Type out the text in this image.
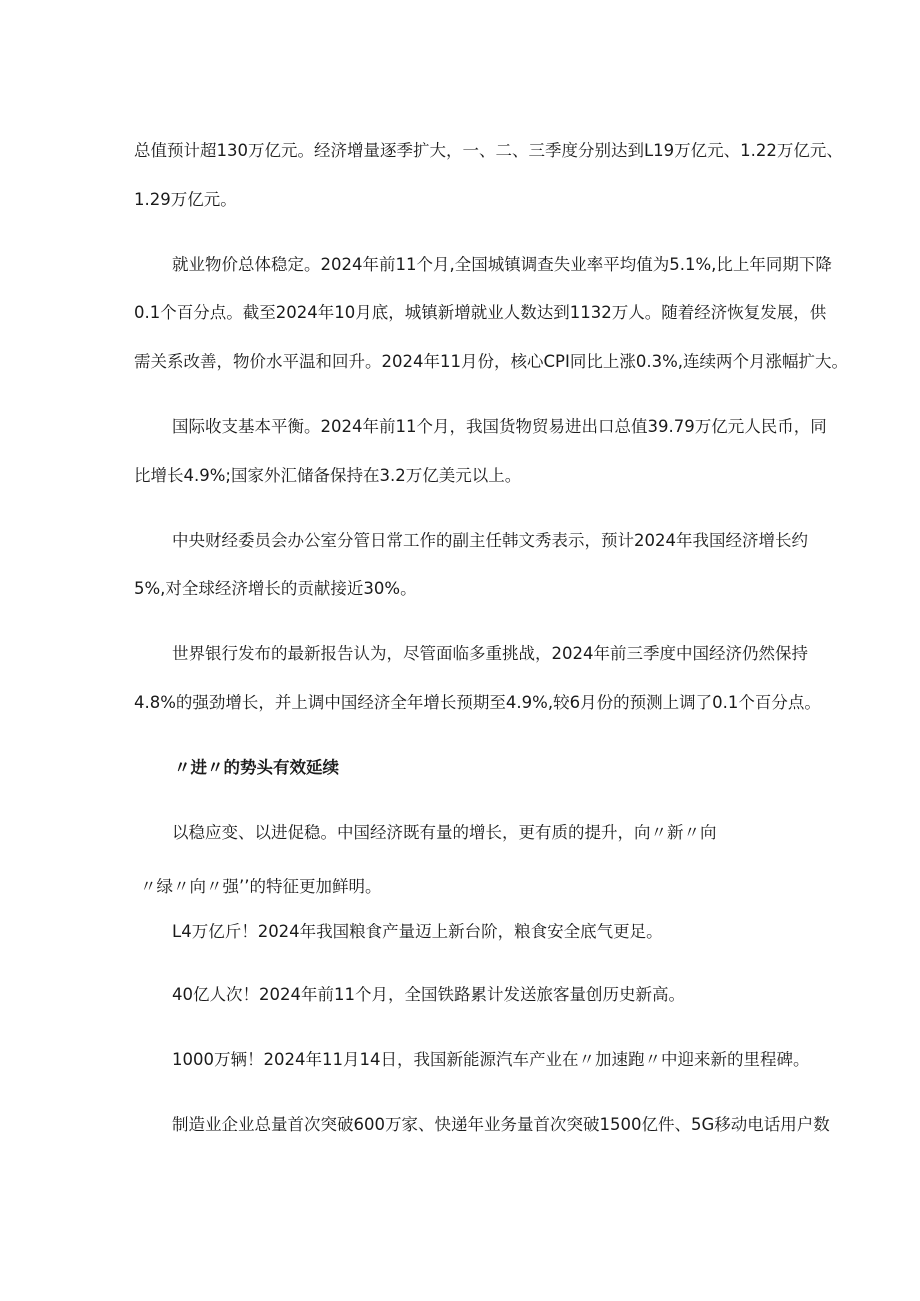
总值预计超130万亿元。经济增量逐季扩大，一、二、三季度分别达到L19万亿元、1.22万亿元、
1.29万亿元。
就业物价总体稳定。2024年前11个月,全国城镇调查失业率平均值为5.1%,比上年同期下降
0.1个百分点。截至2024年10月底，城镇新增就业人数达到1132万人。随着经济恢复发展，供
需关系改善，物价水平温和回升。2024年11月份，核心CPI同比上涨0.3%,连续两个月涨幅扩大。
国际收支基本平衡。2024年前11个月，我国货物贸易进出口总值39.79万亿元人民币，同
比增长4.9%;国家外汇储备保持在3.2万亿美元以上。
中央财经委员会办公室分管日常工作的副主任韩文秀表示，预计2024年我国经济增长约
5%,对全球经济增长的贡献接近30%。
世界银行发布的最新报告认为，尽管面临多重挑战，2024年前三季度中国经济仍然保持
4.8%的强劲增长，并上调中国经济全年增长预期至4.9%,较6月份的预测上调了0.1个百分点。
〃进〃的势头有效延续
以稳应变、以进促稳。中国经济既有量的增长，更有质的提升，向〃新〃向
〃绿〃向〃强’’的特征更加鲜明。
L4万亿斤！2024年我国粮食产量迈上新台阶，粮食安全底气更足。
40亿人次！2024年前11个月，全国铁路累计发送旅客量创历史新高。
1000万辆！2024年11月14日，我国新能源汽车产业在〃加速跑〃中迎来新的里程碑。
制造业企业总量首次突破600万家、快递年业务量首次突破1500亿件、5G移动电话用户数
